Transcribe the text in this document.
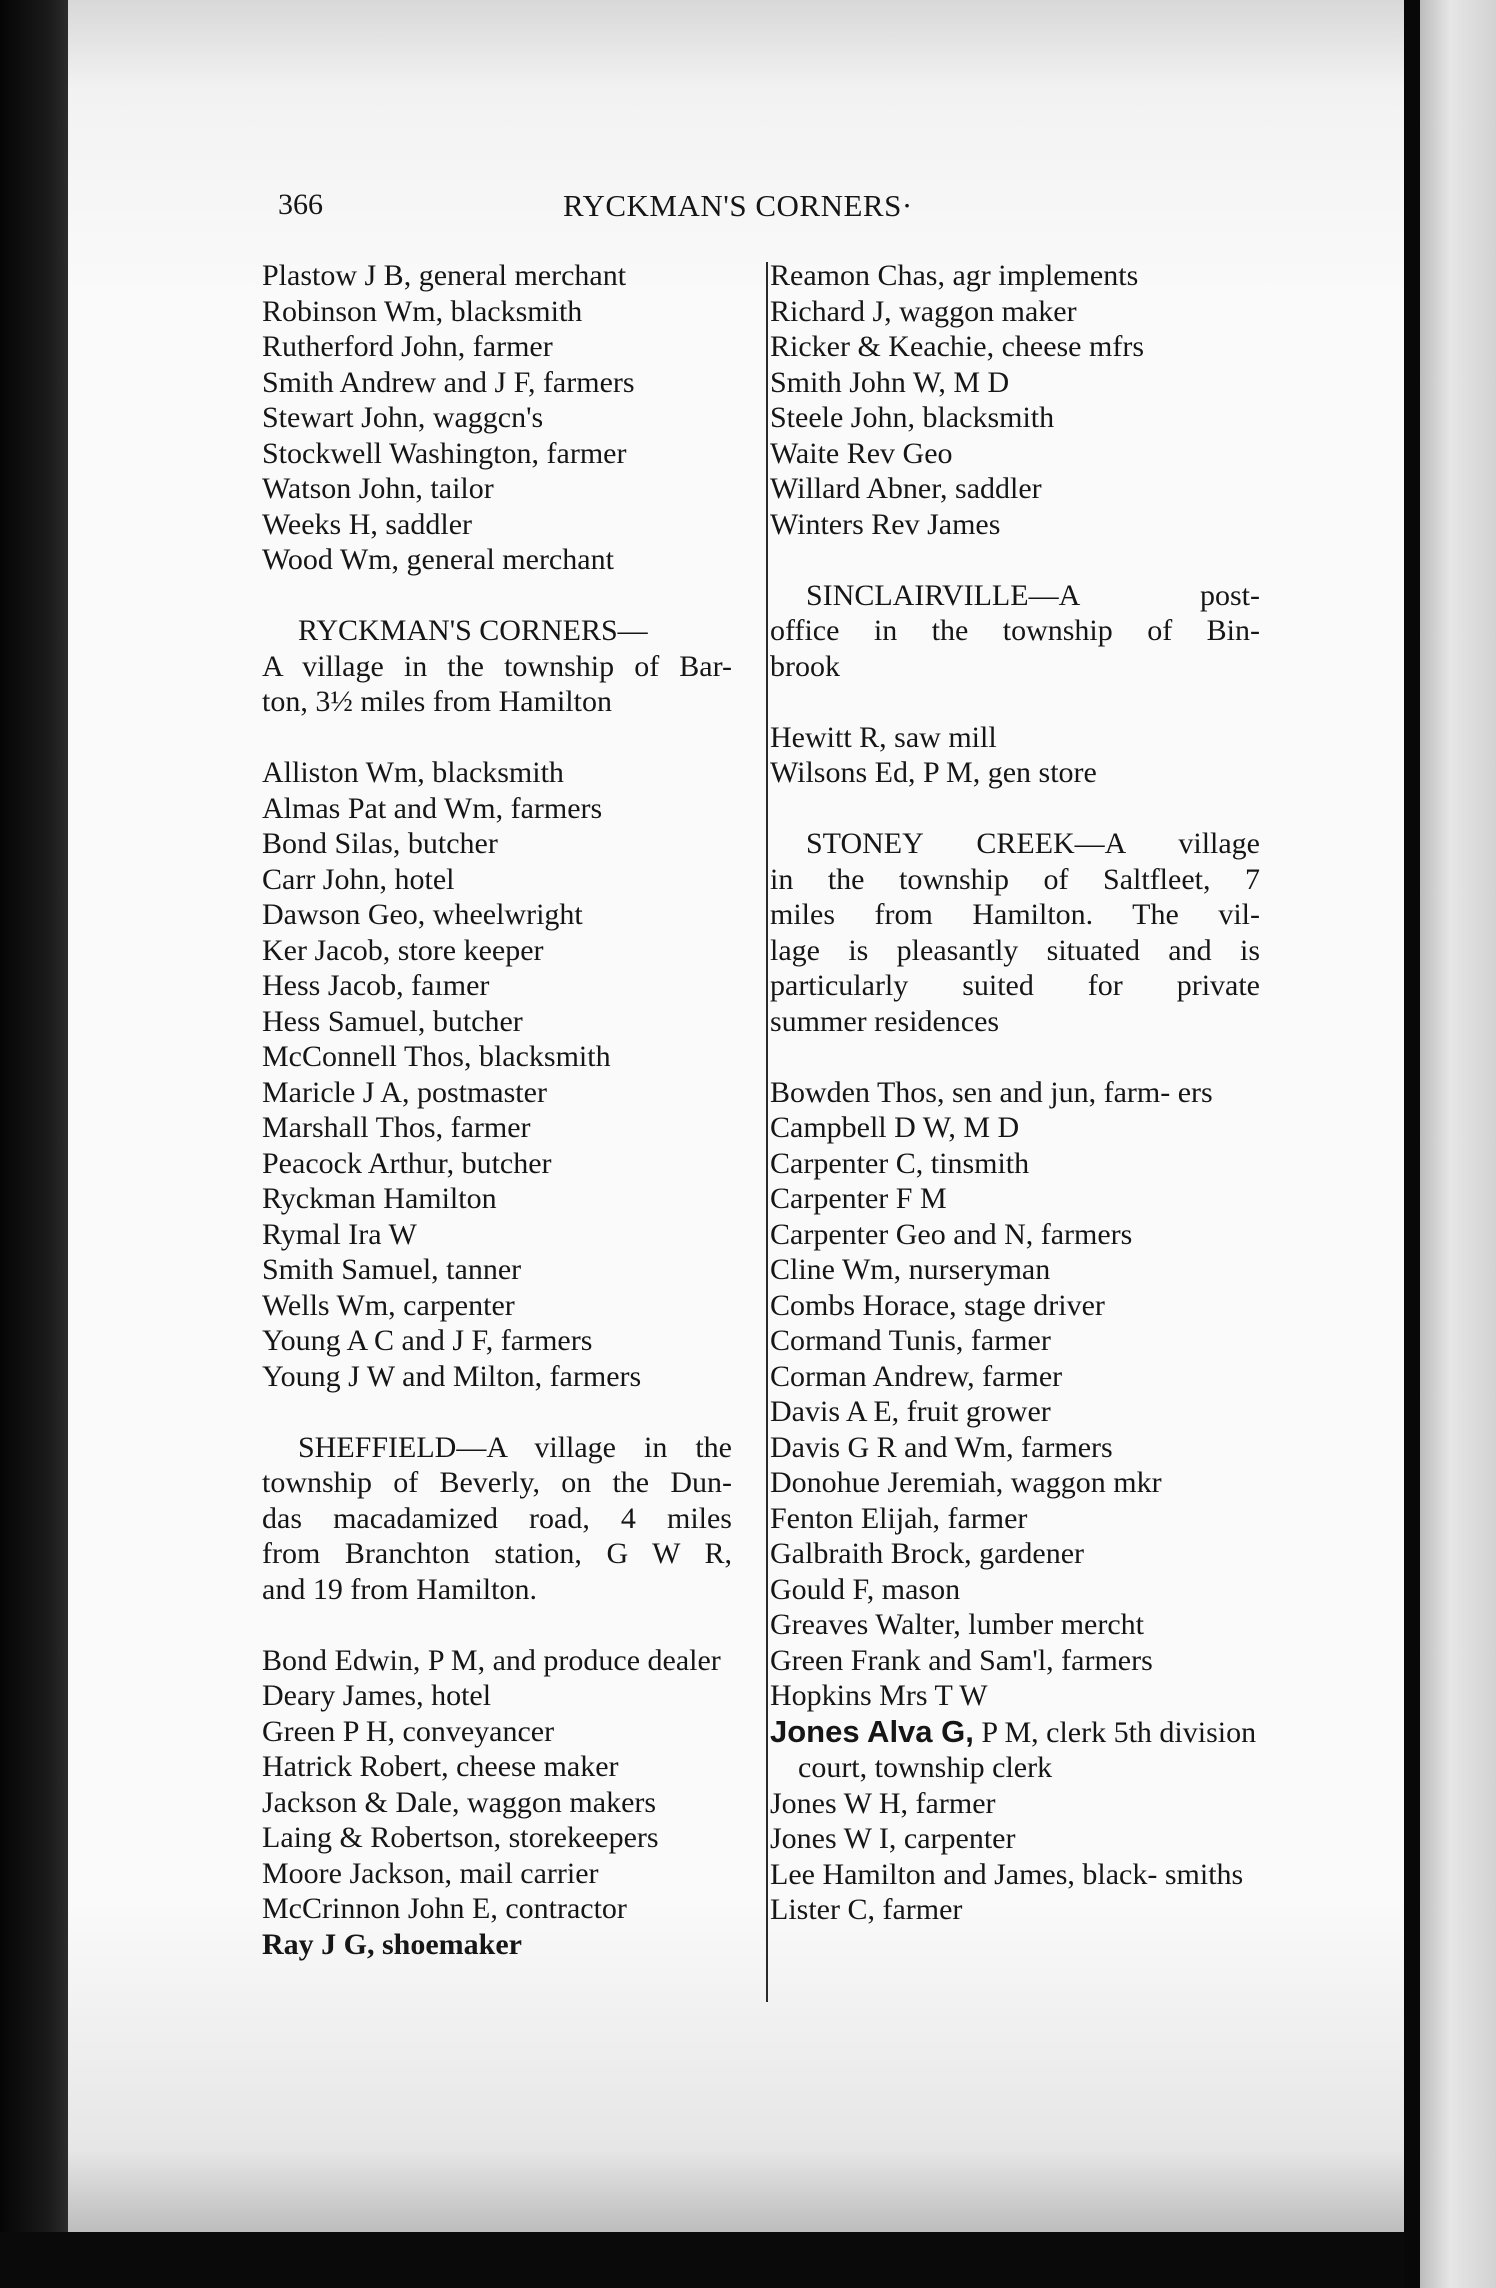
366	RYCKMAN'S CORNERS·
Plastow J B, general merchant
Robinson Wm, blacksmith
Rutherford John, farmer
Smith Andrew and J F, farmers
Stewart John, waggcn's
Stockwell Washington, farmer
Watson John, tailor
Weeks H, saddler
Wood Wm, general merchant
RYCKMAN'S CORNERS—
A village in the township of Bar-
ton, 3½ miles from Hamilton
Alliston Wm, blacksmith
Almas Pat and Wm, farmers
Bond Silas, butcher
Carr John, hotel
Dawson Geo, wheelwright
Ker Jacob, store keeper
Hess Jacob, faımer
Hess Samuel, butcher
McConnell Thos, blacksmith
Maricle J A, postmaster
Marshall Thos, farmer
Peacock Arthur, butcher
Ryckman Hamilton
Rymal Ira W
Smith Samuel, tanner
Wells Wm, carpenter
Young A C and J F, farmers
Young J W and Milton, farmers
SHEFFIELD—A village in the
township of Beverly, on the Dun-
das macadamized road, 4 miles
from Branchton station, G W R,
and 19 from Hamilton.
Bond Edwin, P M, and produce dealer
Deary James, hotel
Green P H, conveyancer
Hatrick Robert, cheese maker
Jackson & Dale, waggon makers
Laing & Robertson, storekeepers
Moore Jackson, mail carrier
McCrinnon John E, contractor
Ray J G, shoemaker
Reamon Chas, agr implements
Richard J, waggon maker
Ricker & Keachie, cheese mfrs
Smith John W, M D
Steele John, blacksmith
Waite Rev Geo
Willard Abner, saddler
Winters Rev James
SINCLAIRVILLE—A post-
office in the township of Bin-
brook
Hewitt R, saw mill
Wilsons Ed, P M, gen store
STONEY CREEK—A village
in the township of Saltfleet, 7
miles from Hamilton. The vil-
lage is pleasantly situated and is
particularly suited for private
summer residences
Bowden Thos, sen and jun, farm- ers
Campbell D W, M D
Carpenter C, tinsmith
Carpenter F M
Carpenter Geo and N, farmers
Cline Wm, nurseryman
Combs Horace, stage driver
Cormand Tunis, farmer
Corman Andrew, farmer
Davis A E, fruit grower
Davis G R and Wm, farmers
Donohue Jeremiah, waggon mkr
Fenton Elijah, farmer
Galbraith Brock, gardener
Gould F, mason
Greaves Walter, lumber mercht
Green Frank and Sam'l, farmers
Hopkins Mrs T W
Jones Alva G, P M, clerk 5th division court, township clerk
Jones W H, farmer
Jones W I, carpenter
Lee Hamilton and James, black- smiths
Lister C, farmer
